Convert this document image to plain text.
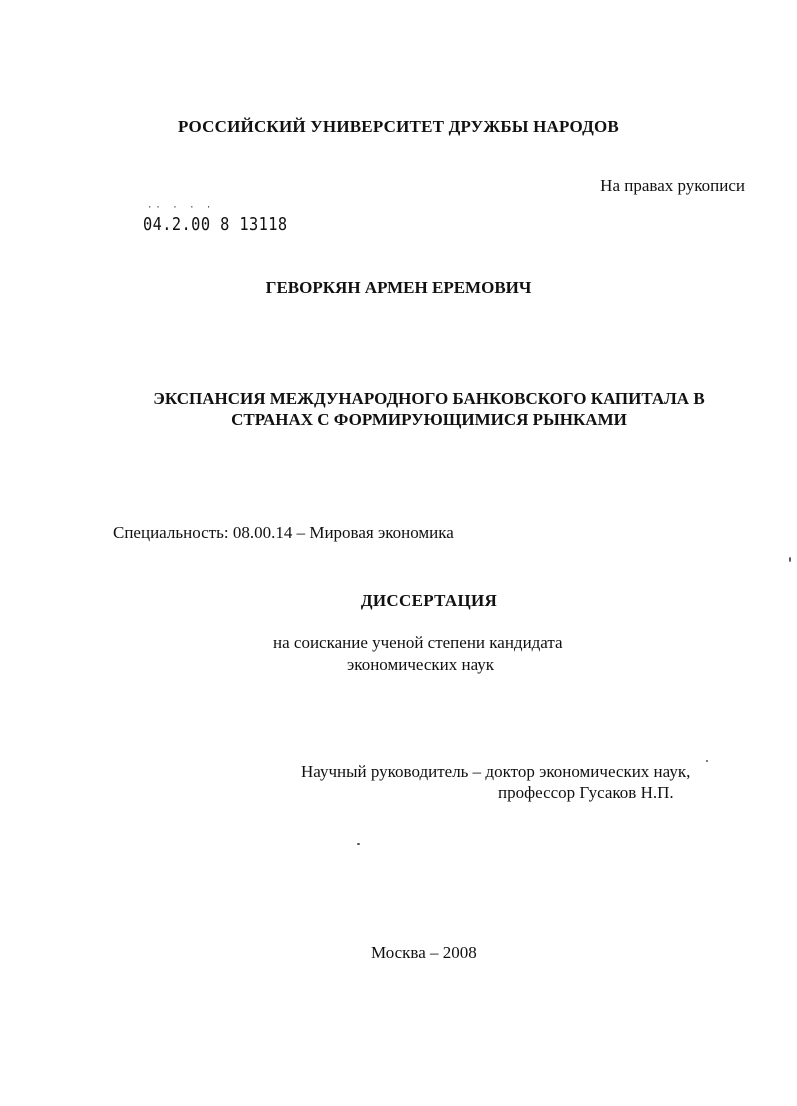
РОССИЙСКИЙ УНИВЕРСИТЕТ ДРУЖБЫ НАРОДОВ
На правах рукописи
·· · · ·
04.2.00 8 13118
ГЕВОРКЯН АРМЕН ЕРЕМОВИЧ
ЭКСПАНСИЯ МЕЖДУНАРОДНОГО БАНКОВСКОГО КАПИТАЛА В
СТРАНАХ С ФОРМИРУЮЩИМИСЯ РЫНКАМИ
Специальность: 08.00.14 – Мировая экономика
ДИССЕРТАЦИЯ
на соискание ученой степени кандидата
экономических наук
Научный руководитель – доктор экономических наук,
профессор Гусаков Н.П.
Москва – 2008
